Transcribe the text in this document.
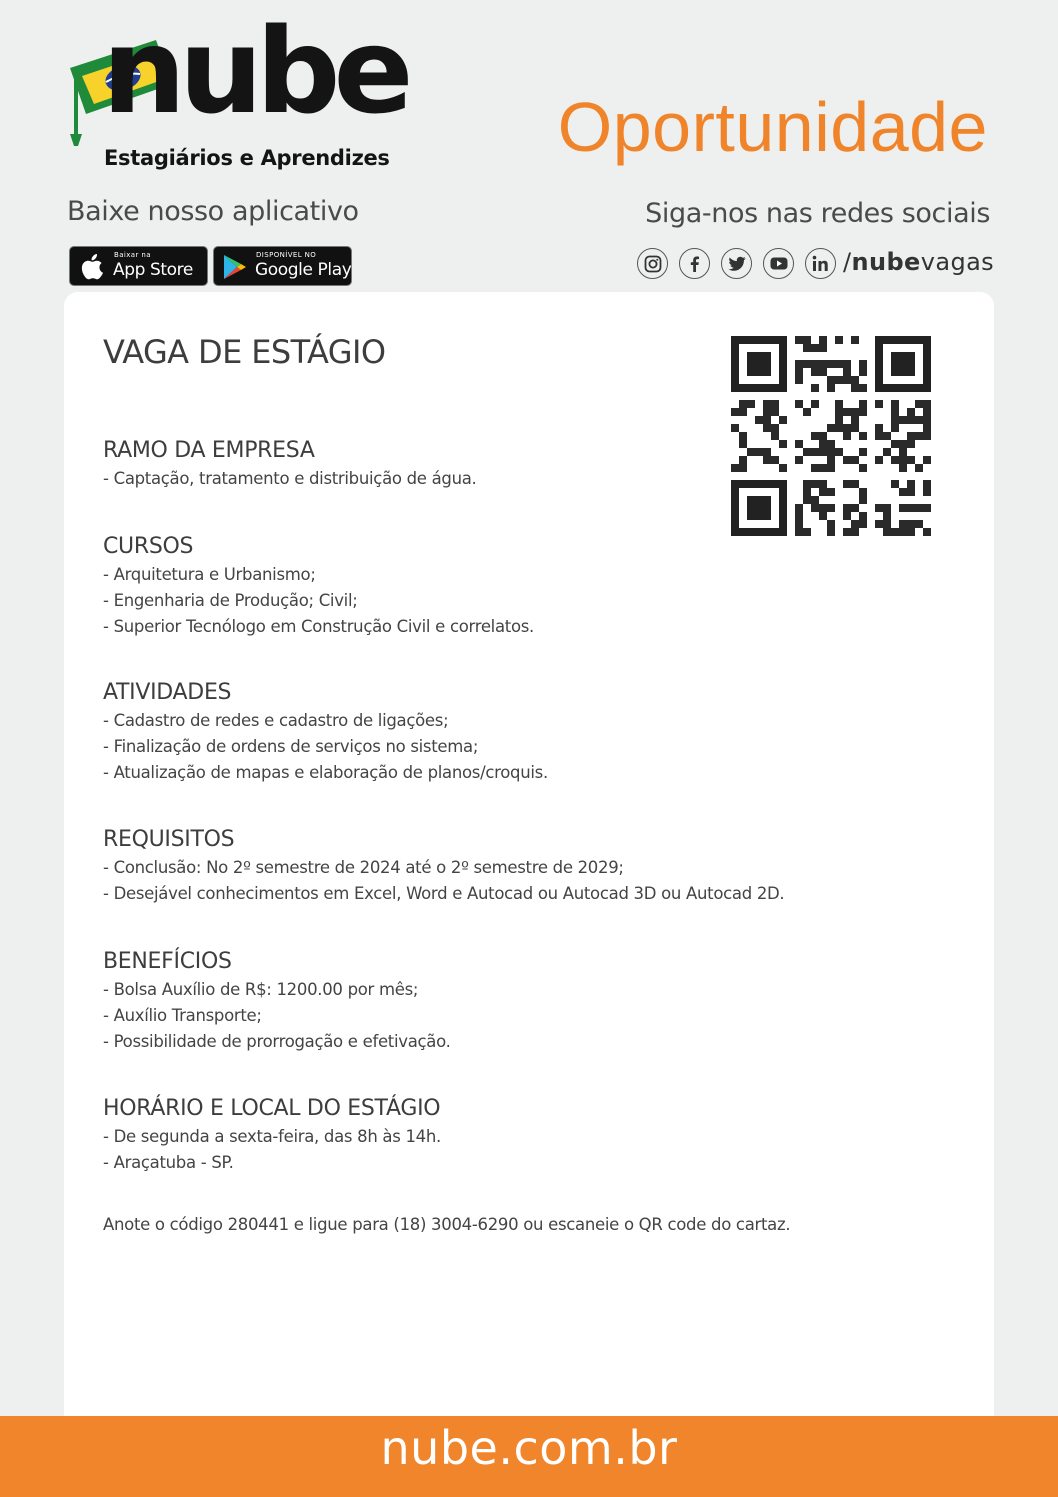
nube
Estagiários e Aprendizes Oportunidade
Baixe nosso aplicativo	Siga-nos nas redes sociais
Baixar na
App Store
DISPONÍVEL NO
Google Play	/nubevagas
VAGA DE ESTÁGIO
RAMO DA EMPRESA
- Captação, tratamento e distribuição de água.
CURSOS
- Arquitetura e Urbanismo;
- Engenharia de Produção; Civil;
- Superior Tecnólogo em Construção Civil e correlatos.
ATIVIDADES
- Cadastro de redes e cadastro de ligações;
- Finalização de ordens de serviços no sistema;
- Atualização de mapas e elaboração de planos/croquis.
REQUISITOS
- Conclusão: No 2º semestre de 2024 até o 2º semestre de 2029;
- Desejável conhecimentos em Excel, Word e Autocad ou Autocad 3D ou Autocad 2D.
BENEFÍCIOS
- Bolsa Auxílio de R$: 1200.00 por mês;
- Auxílio Transporte;
- Possibilidade de prorrogação e efetivação.
HORÁRIO E LOCAL DO ESTÁGIO
- De segunda a sexta-feira, das 8h às 14h.
- Araçatuba - SP.
Anote o código 280441 e ligue para (18) 3004-6290 ou escaneie o QR code do cartaz.
nube.com.br
